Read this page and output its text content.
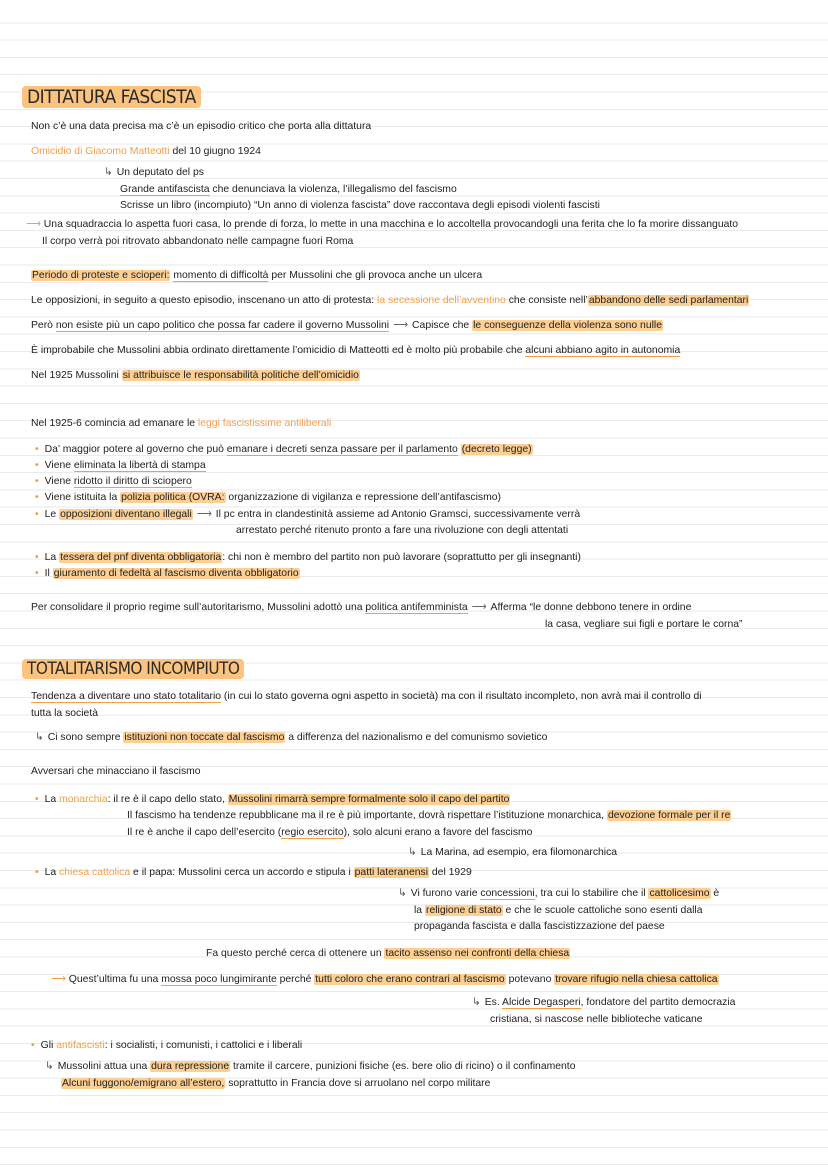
DITTATURA FASCISTA
Non c’è una data precisa ma c’è un episodio critico che porta alla dittatura
Omicidio di Giacomo Matteotti del 10 giugno 1924
↳ Un deputato del ps
Grande antifascista che denunciava la violenza, l’illegalismo del fascismo
Scrisse un libro (incompiuto) “Un anno di violenza fascista” dove raccontava degli episodi violenti fascisti
⟶ Una squadraccia lo aspetta fuori casa, lo prende di forza, lo mette in una macchina e lo accoltella provocandogli una ferita che lo fa morire dissanguato
Il corpo verrà poi ritrovato abbandonato nelle campagne fuori Roma
Periodo di proteste e scioperi: momento di difficoltà per Mussolini che gli provoca anche un ulcera
Le opposizioni, in seguito a questo episodio, inscenano un atto di protesta: la secessione dell’avventino che consiste nell’abbandono delle sedi parlamentari
Però non esiste più un capo politico che possa far cadere il governo Mussolini ⟶ Capisce che le conseguenze della violenza sono nulle
È improbabile che Mussolini abbia ordinato direttamente l’omicidio di Matteotti ed è molto più probabile che alcuni abbiano agito in autonomia
Nel 1925 Mussolini si attribuisce le responsabilità politiche dell’omicidio
Nel 1925-6 comincia ad emanare le leggi fascistissime antiliberali
• Da’ maggior potere al governo che può emanare i decreti senza passare per il parlamento (decreto legge)
• Viene eliminata la libertà di stampa
• Viene ridotto il diritto di sciopero
• Viene istituita la polizia politica (OVRA: organizzazione di vigilanza e repressione dell’antifascismo)
• Le opposizioni diventano illegali ⟶ Il pc entra in clandestinità assieme ad Antonio Gramsci, successivamente verrà
arrestato perché ritenuto pronto a fare una rivoluzione con degli attentati
• La tessera del pnf diventa obbligatoria: chi non è membro del partito non può lavorare (soprattutto per gli insegnanti)
• Il giuramento di fedeltà al fascismo diventa obbligatorio
Per consolidare il proprio regime sull’autoritarismo, Mussolini adottò una politica antifemminista ⟶ Afferma “le donne debbono tenere in ordine
la casa, vegliare sui figli e portare le corna”
TOTALITARISMO INCOMPIUTO
Tendenza a diventare uno stato totalitario (in cui lo stato governa ogni aspetto in società) ma con il risultato incompleto, non avrà mai il controllo di
tutta la società
↳ Ci sono sempre istituzioni non toccate dal fascismo a differenza del nazionalismo e del comunismo sovietico
Avversari che minacciano il fascismo
• La monarchia: il re è il capo dello stato, Mussolini rimarrà sempre formalmente solo il capo del partito
Il fascismo ha tendenze repubblicane ma il re è più importante, dovrà rispettare l’istituzione monarchica, devozione formale per il re
Il re è anche il capo dell’esercito (regio esercito), solo alcuni erano a favore del fascismo
↳ La Marina, ad esempio, era filomonarchica
• La chiesa cattolica e il papa: Mussolini cerca un accordo e stipula i patti lateranensi del 1929
↳ Vi furono varie concessioni, tra cui lo stabilire che il cattolicesimo è
la religione di stato e che le scuole cattoliche sono esenti dalla
propaganda fascista e dalla fascistizzazione del paese
Fa questo perché cerca di ottenere un tacito assenso nei confronti della chiesa
⟶ Quest’ultima fu una mossa poco lungimirante perché tutti coloro che erano contrari al fascismo potevano trovare rifugio nella chiesa cattolica
↳ Es. Alcide Degasperi, fondatore del partito democrazia
cristiana, si nascose nelle biblioteche vaticane
• Gli antifascisti: i socialisti, i comunisti, i cattolici e i liberali
↳ Mussolini attua una dura repressione tramite il carcere, punizioni fisiche (es. bere olio di ricino) o il confinamento
Alcuni fuggono/emigrano all’estero, soprattutto in Francia dove si arruolano nel corpo militare
